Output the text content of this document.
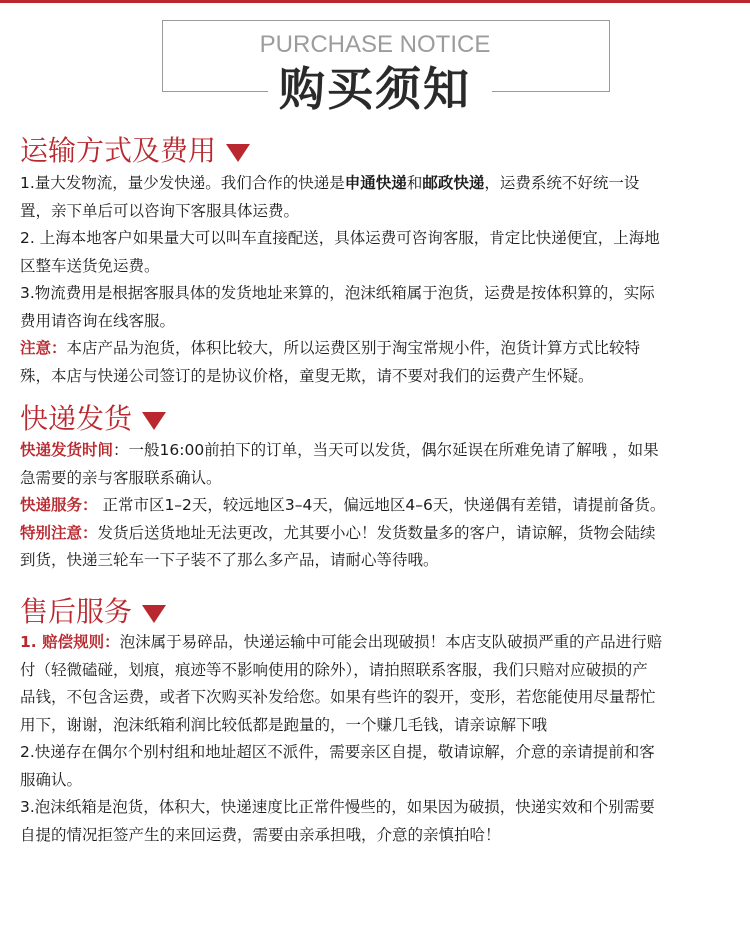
PURCHASE NOTICE
购买须知
运输方式及费用
1.量大发物流，量少发快递。我们合作的快递是申通快递和邮政快递，运费系统不好统一设
置，亲下单后可以咨询下客服具体运费。
2. 上海本地客户如果量大可以叫车直接配送，具体运费可咨询客服，肯定比快递便宜，上海地
区整车送货免运费。
3.物流费用是根据客服具体的发货地址来算的，泡沫纸箱属于泡货，运费是按体积算的，实际
费用请咨询在线客服。
注意：本店产品为泡货，体积比较大，所以运费区别于淘宝常规小件，泡货计算方式比较特
殊，本店与快递公司签订的是协议价格，童叟无欺，请不要对我们的运费产生怀疑。
快递发货
快递发货时间：一般16:00前拍下的订单，当天可以发货，偶尔延误在所难免请了解哦 ，如果
急需要的亲与客服联系确认。
快递服务： 正常市区1–2天，较远地区3–4天，偏远地区4–6天，快递偶有差错，请提前备货。
特别注意：发货后送货地址无法更改，尤其要小心！发货数量多的客户，请谅解，货物会陆续
到货，快递三轮车一下子装不了那么多产品，请耐心等待哦。
售后服务
1. 赔偿规则：泡沫属于易碎品，快递运输中可能会出现破损！本店支队破损严重的产品进行赔
付（轻微磕碰，划痕，痕迹等不影响使用的除外），请拍照联系客服，我们只赔对应破损的产
品钱，不包含运费，或者下次购买补发给您。如果有些许的裂开，变形，若您能使用尽量帮忙
用下，谢谢，泡沫纸箱利润比较低都是跑量的，一个赚几毛钱，请亲谅解下哦
2.快递存在偶尔个别村组和地址超区不派件，需要亲区自提，敬请谅解，介意的亲请提前和客
服确认。
3.泡沫纸箱是泡货，体积大，快递速度比正常件慢些的，如果因为破损，快递实效和个别需要
自提的情况拒签产生的来回运费，需要由亲承担哦，介意的亲慎拍哈！
